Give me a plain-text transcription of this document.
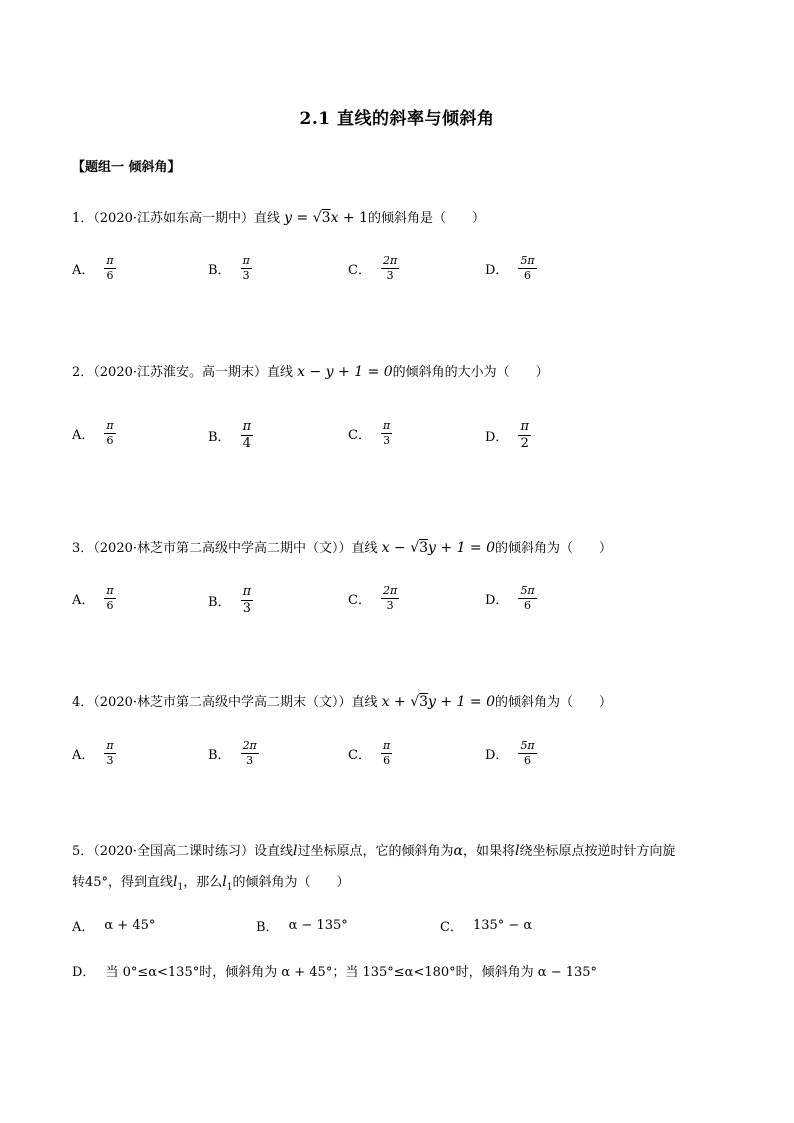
2.1 直线的斜率与倾斜角
【题组一 倾斜角】
1．（2020·江苏如东高一期中）直线 y = √3x + 1的倾斜角是（　　）
A． $\frac{\pi}{6}$	B． $\frac{\pi}{3}$	C． $\frac{2\pi}{3}$	D． $\frac{5\pi}{6}$
2．（2020·江苏淮安。高一期末）直线 x − y + 1 = 0的倾斜角的大小为（　　）
A． $\frac{\pi}{6}$	B． $\frac{\pi}{4}$	C． $\frac{\pi}{3}$	D． $\frac{\pi}{2}$
3．（2020·林芝市第二高级中学高二期中（文））直线 x − √3y + 1 = 0的倾斜角为（　　）
A． $\frac{\pi}{6}$	B． $\frac{\pi}{3}$	C． $\frac{2\pi}{3}$	D． $\frac{5\pi}{6}$
4．（2020·林芝市第二高级中学高二期末（文））直线 x + √3y + 1 = 0的倾斜角为（　　）
A． $\frac{\pi}{3}$	B． $\frac{2\pi}{3}$	C． $\frac{\pi}{6}$	D． $\frac{5\pi}{6}$
5．（2020·全国高二课时练习）设直线l过坐标原点，它的倾斜角为α，如果将l绕坐标原点按逆时针方向旋
转45°，得到直线$l_1$，那么$l_1$的倾斜角为（　　）
A． α + 45°	B． α − 135°	C． 135° − α
D． 当 0°≤α<135°时，倾斜角为 α + 45°；当 135°≤α<180°时，倾斜角为 α − 135°
